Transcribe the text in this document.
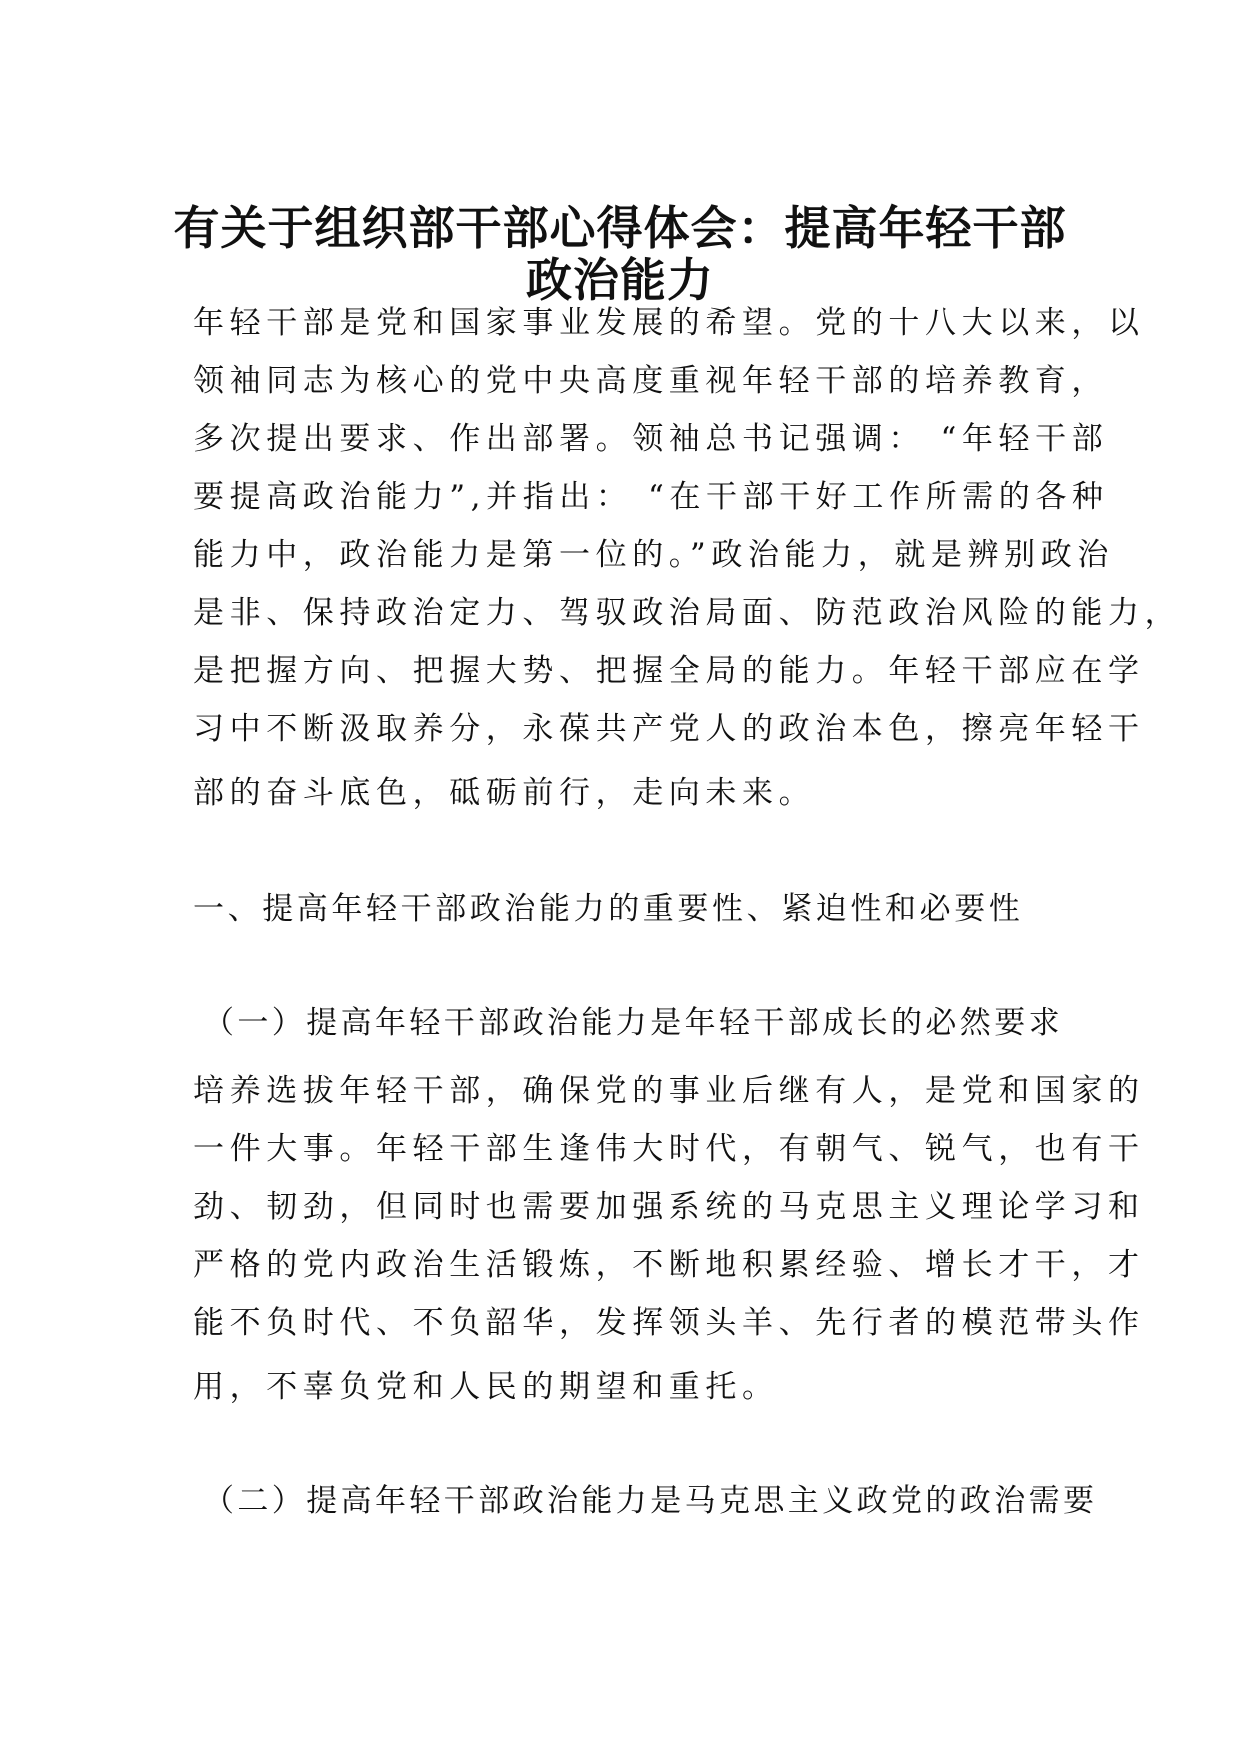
有关于组织部干部心得体会：提高年轻干部
政治能力
年轻干部是党和国家事业发展的希望。党的十八大以来，以
领袖同志为核心的党中央高度重视年轻干部的培养教育，
多次提出要求、作出部署。领袖总书记强调： “年轻干部
要提高政治能力”,并指出： “在干部干好工作所需的各种
能力中，政治能力是第一位的。”政治能力，就是辨别政治
是非、保持政治定力、驾驭政治局面、防范政治风险的能力，
是把握方向、把握大势、把握全局的能力。年轻干部应在学
习中不断汲取养分，永葆共产党人的政治本色，擦亮年轻干
部的奋斗底色，砥砺前行，走向未来。
一、提高年轻干部政治能力的重要性、紧迫性和必要性
（一）提高年轻干部政治能力是年轻干部成长的必然要求
培养选拔年轻干部，确保党的事业后继有人，是党和国家的
一件大事。年轻干部生逢伟大时代，有朝气、锐气，也有干
劲、韧劲，但同时也需要加强系统的马克思主义理论学习和
严格的党内政治生活锻炼，不断地积累经验、增长才干，才
能不负时代、不负韶华，发挥领头羊、先行者的模范带头作
用，不辜负党和人民的期望和重托。
（二）提高年轻干部政治能力是马克思主义政党的政治需要
